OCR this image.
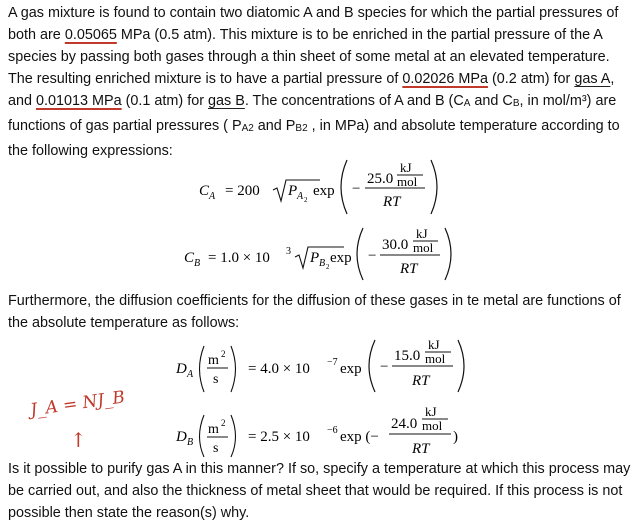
A gas mixture is found to contain two diatomic A and B species for which the partial pressures of both are 0.05065 MPa (0.5 atm). This mixture is to be enriched in the partial pressure of the A species by passing both gases through a thin sheet of some metal at an elevated temperature. The resulting enriched mixture is to have a partial pressure of 0.02026 MPa (0.2 atm) for gas A, and 0.01013 MPa (0.1 atm) for gas B. The concentrations of A and B ($C_A$ and $C_B$, in mol/m³) are functions of gas partial pressures ( $P_{A2}$ and $P_{B2}$ , in MPa) and absolute temperature according to the following expressions:

C A = 200 P A 2
exp −
25.0
kJ
mol
RT
C B = 1.0 × 10 3 P B 2
exp −
30.0
kJ
mol
RT

Furthermore, the diffusion coefficients for the diffusion of these gases in te metal are functions of the absolute temperature as follows:

D A
m 2
s
= 4.0 × 10 −7 exp −
15.0
kJ
mol
RT
J_A = NJ_B
↑	D B
m 2
s
= 2.5 × 10 −6 exp (−
24.0
kJ
mol
)
RT

Is it possible to purify gas A in this manner? If so, specify a temperature at which this process may be carried out, and also the thickness of metal sheet that would be required. If this process is not possible then state the reason(s) why.
